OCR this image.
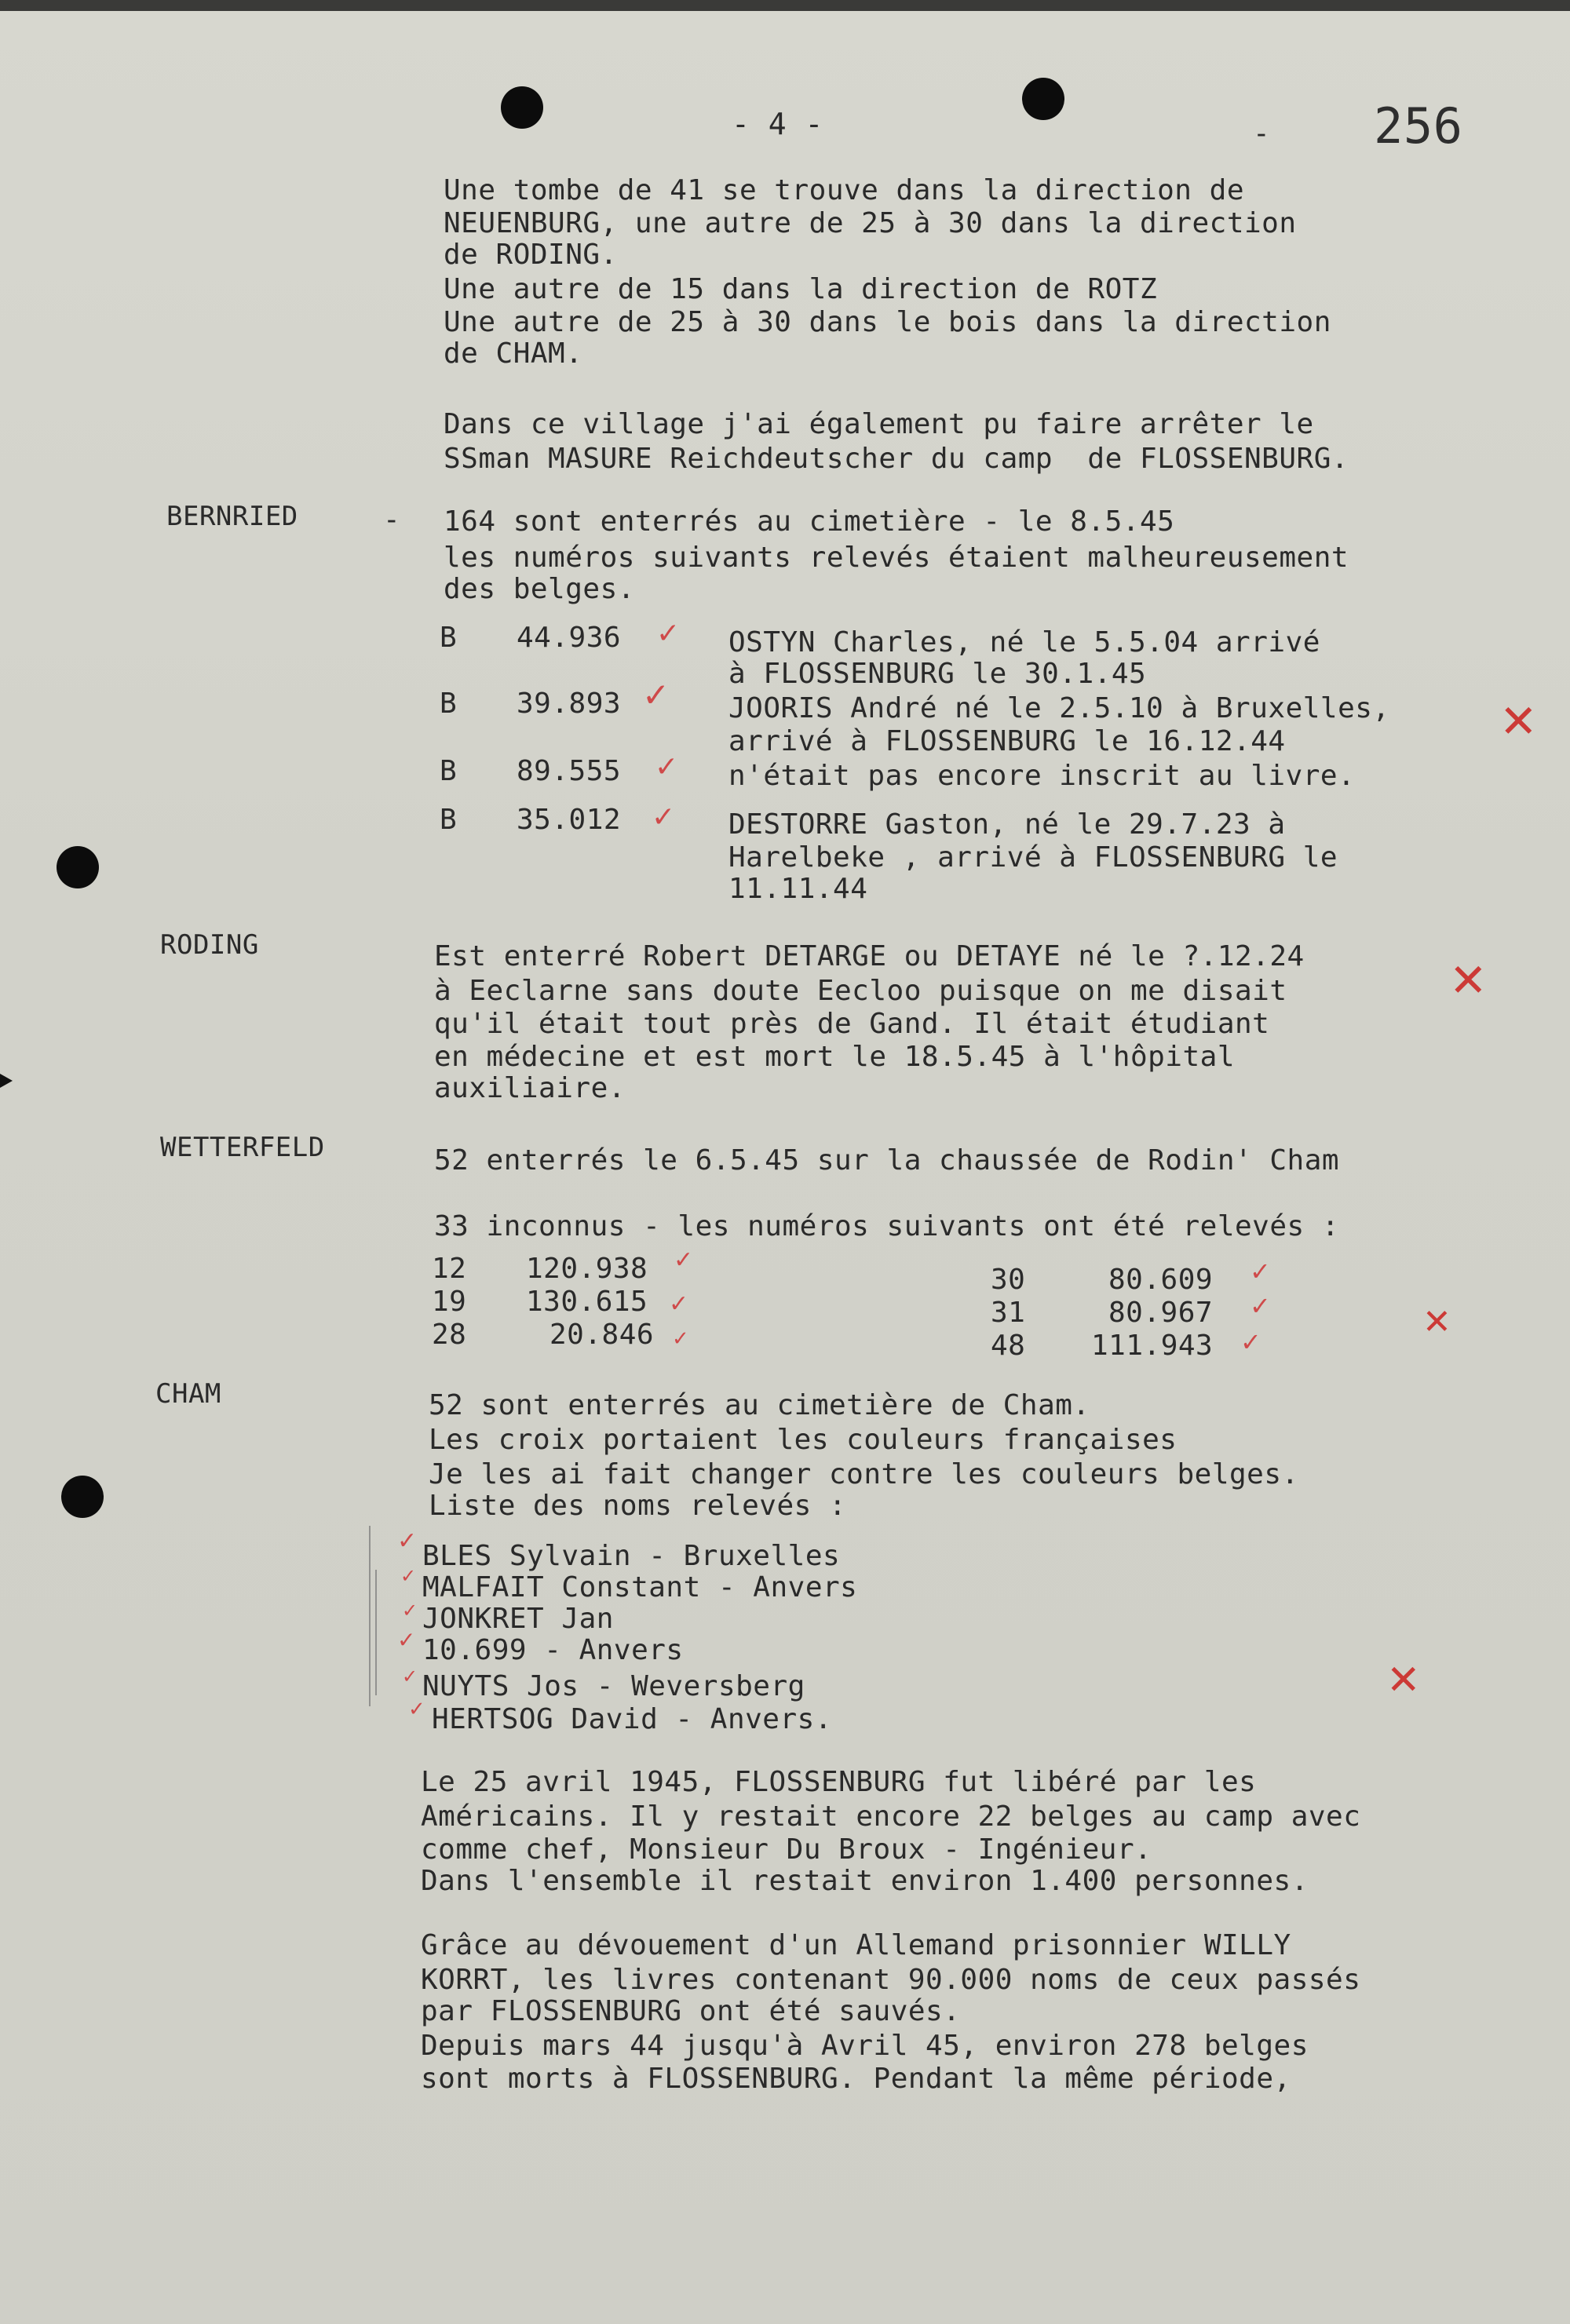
- 4 -	- 256

Une tombe de 41 se trouve dans la direction de

NEUENBURG, une autre de 25 à 30 dans la direction

de RODING.

Une autre de 15 dans la direction de ROTZ

Une autre de 25 à 30 dans le bois dans la direction

de CHAM.

Dans ce village j'ai également pu faire arrêter le

SSman MASURE Reichdeutscher du camp  de FLOSSENBURG.

BERNRIED	- 164 sont enterrés au cimetière - le 8.5.45

les numéros suivants relevés étaient malheureusement

des belges.

B 44.936 ✓ OSTYN Charles, né le 5.5.04 arrivé

à FLOSSENBURG le 30.1.45

B 39.893 ✓ JOORIS André né le 2.5.10 à Bruxelles,

arrivé à FLOSSENBURG le 16.12.44	✕

B 89.555 ✓ n'était pas encore inscrit au livre.

B 35.012 ✓ DESTORRE Gaston, né le 29.7.23 à

Harelbeke , arrivé à FLOSSENBURG le

11.11.44

RODING	Est enterré Robert DETARGE ou DETAYE né le ?.12.24

à Eeclarne sans doute Eecloo puisque on me disait

qu'il était tout près de Gand. Il était étudiant

en médecine et est mort le 18.5.45 à l'hôpital

auxiliaire.

✕

WETTERFELD	52 enterrés le 6.5.45 sur la chaussée de Rodin' Cham

33 inconnus - les numéros suivants ont été relevés :

12 120.938 ✓

19 130.615 ✓

28	20.846 ✓

30	80.609 ✓

31	80.967 ✓

48 111.943 ✓	✕

CHAM	52 sont enterrés au cimetière de Cham.

Les croix portaient les couleurs françaises

Je les ai fait changer contre les couleurs belges.

Liste des noms relevés :

✓ BLES Sylvain - Bruxelles

✓ MALFAIT Constant - Anvers

✓ JONKRET Jan

✓ 10.699 - Anvers

✓ NUYTS Jos - Weversberg

✓ HERTSOG David - Anvers.

✕

Le 25 avril 1945, FLOSSENBURG fut libéré par les

Américains. Il y restait encore 22 belges au camp avec

comme chef, Monsieur Du Broux - Ingénieur.

Dans l'ensemble il restait environ 1.400 personnes.

Grâce au dévouement d'un Allemand prisonnier WILLY

KORRT, les livres contenant 90.000 noms de ceux passés

par FLOSSENBURG ont été sauvés.

Depuis mars 44 jusqu'à Avril 45, environ 278 belges

sont morts à FLOSSENBURG. Pendant la même période,
